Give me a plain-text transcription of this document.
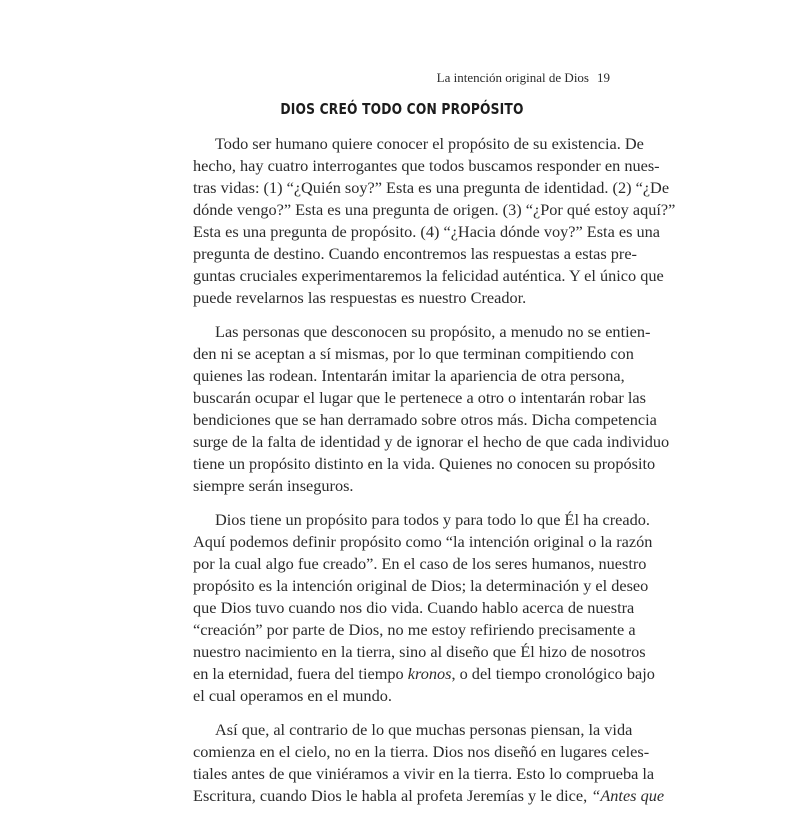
La intención original de Dios 19
DIOS CREÓ TODO CON PROPÓSITO

Todo ser humano quiere conocer el propósito de su existencia. De
hecho, hay cuatro interrogantes que todos buscamos responder en nues-
tras vidas: (1) “¿Quién soy?” Esta es una pregunta de identidad. (2) “¿De
dónde vengo?” Esta es una pregunta de origen. (3) “¿Por qué estoy aquí?”
Esta es una pregunta de propósito. (4) “¿Hacia dónde voy?” Esta es una
pregunta de destino. Cuando encontremos las respuestas a estas pre-
guntas cruciales experimentaremos la felicidad auténtica. Y el único que
puede revelarnos las respuestas es nuestro Creador.

Las personas que desconocen su propósito, a menudo no se entien-
den ni se aceptan a sí mismas, por lo que terminan compitiendo con
quienes las rodean. Intentarán imitar la apariencia de otra persona,
buscarán ocupar el lugar que le pertenece a otro o intentarán robar las
bendiciones que se han derramado sobre otros más. Dicha competencia
surge de la falta de identidad y de ignorar el hecho de que cada individuo
tiene un propósito distinto en la vida. Quienes no conocen su propósito
siempre serán inseguros.

Dios tiene un propósito para todos y para todo lo que Él ha creado.
Aquí podemos definir propósito como “la intención original o la razón
por la cual algo fue creado”. En el caso de los seres humanos, nuestro
propósito es la intención original de Dios; la determinación y el deseo
que Dios tuvo cuando nos dio vida. Cuando hablo acerca de nuestra
“creación” por parte de Dios, no me estoy refiriendo precisamente a
nuestro nacimiento en la tierra, sino al diseño que Él hizo de nosotros
en la eternidad, fuera del tiempo kronos, o del tiempo cronológico bajo
el cual operamos en el mundo.

Así que, al contrario de lo que muchas personas piensan, la vida
comienza en el cielo, no en la tierra. Dios nos diseñó en lugares celes-
tiales antes de que viniéramos a vivir en la tierra. Esto lo comprueba la
Escritura, cuando Dios le habla al profeta Jeremías y le dice, “Antes que
